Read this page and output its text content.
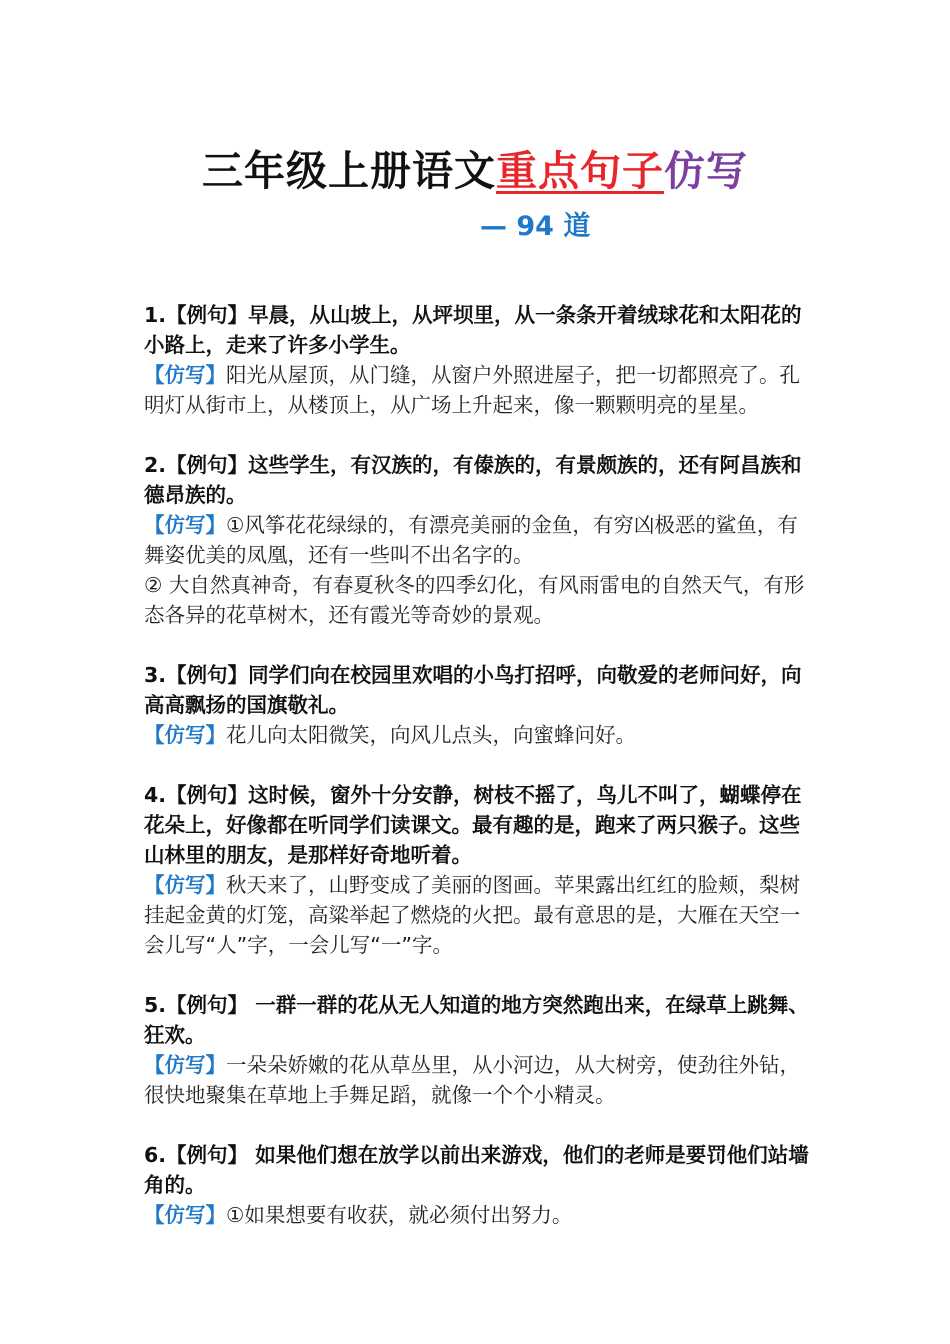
三年级上册语文重点句子仿写
— 94 道
1.【例句】早晨，从山坡上，从坪坝里，从一条条开着绒球花和太阳花的小路上，走来了许多小学生。
【仿写】阳光从屋顶，从门缝，从窗户外照进屋子，把一切都照亮了。孔明灯从街市上，从楼顶上，从广场上升起来，像一颗颗明亮的星星。
2.【例句】这些学生，有汉族的，有傣族的，有景颇族的，还有阿昌族和德昂族的。
【仿写】①风筝花花绿绿的，有漂亮美丽的金鱼，有穷凶极恶的鲨鱼，有舞姿优美的凤凰，还有一些叫不出名字的。
② 大自然真神奇，有春夏秋冬的四季幻化，有风雨雷电的自然天气，有形态各异的花草树木，还有霞光等奇妙的景观。
3.【例句】同学们向在校园里欢唱的小鸟打招呼，向敬爱的老师问好，向高高飘扬的国旗敬礼。
【仿写】花儿向太阳微笑，向风儿点头，向蜜蜂问好。
4.【例句】这时候，窗外十分安静，树枝不摇了，鸟儿不叫了，蝴蝶停在花朵上，好像都在听同学们读课文。最有趣的是，跑来了两只猴子。这些山林里的朋友，是那样好奇地听着。
【仿写】秋天来了，山野变成了美丽的图画。苹果露出红红的脸颊，梨树挂起金黄的灯笼，高粱举起了燃烧的火把。最有意思的是，大雁在天空一会儿写“人”字，一会儿写“一”字。
5.【例句】 一群一群的花从无人知道的地方突然跑出来，在绿草上跳舞、狂欢。
【仿写】一朵朵娇嫩的花从草丛里，从小河边，从大树旁，使劲往外钻，很快地聚集在草地上手舞足蹈，就像一个个小精灵。
6.【例句】 如果他们想在放学以前出来游戏，他们的老师是要罚他们站墙角的。
【仿写】①如果想要有收获，就必须付出努力。
